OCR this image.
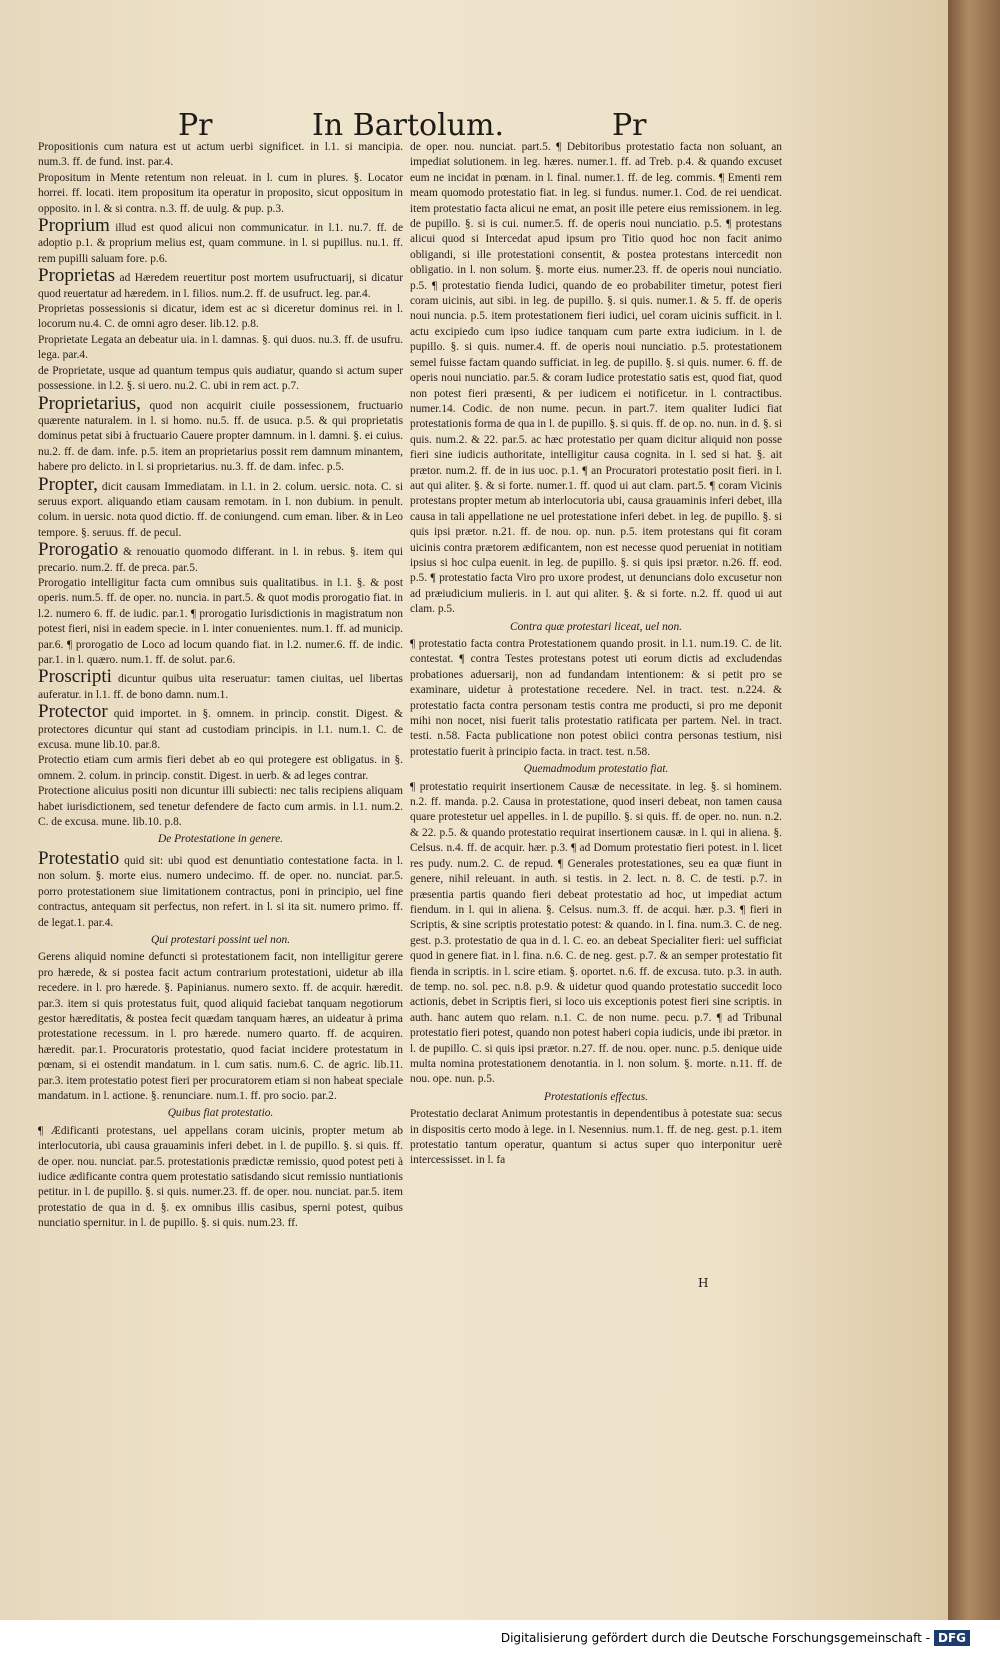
Pr	In Bartolum.	Pr

Propositionis cum natura est ut actum uerbi significet. in l.1. si mancipia. num.3. ff. de fund. inst. par.4.

Propositum in Mente retentum non releuat. in l. cum in plures. §. Locator horrei. ff. locati. item propositum ita operatur in proposito, sicut oppositum in opposito. in l. & si contra. n.3. ff. de uulg. & pup. p.3.

Proprium illud est quod alicui non communicatur. in l.1. nu.7. ff. de adoptio p.1. & proprium melius est, quam commune. in l. si pupillus. nu.1. ff. rem pupilli saluam fore. p.6.

Proprietas ad Hæredem reuertitur post mortem usufructuarij, si dicatur quod reuertatur ad hæredem. in l. filios. num.2. ff. de usufruct. leg. par.4.

Proprietas possessionis si dicatur, idem est ac si diceretur dominus rei. in l. locorum nu.4. C. de omni agro deser. lib.12. p.8.

Proprietate Legata an debeatur uia. in l. damnas. §. qui duos. nu.3. ff. de usufru. lega. par.4.

de Proprietate, usque ad quantum tempus quis audiatur, quando si actum super possessione. in l.2. §. si uero. nu.2. C. ubi in rem act. p.7.

Proprietarius, quod non acquirit ciuile possessionem, fructuario quærente naturalem. in l. si homo. nu.5. ff. de usuca. p.5. & qui proprietatis dominus petat sibi à fructuario Cauere propter damnum. in l. damni. §. ei cuius. nu.2. ff. de dam. infe. p.5. item an proprietarius possit rem damnum minantem, habere pro delicto. in l. si proprietarius. nu.3. ff. de dam. infec. p.5.

Propter, dicit causam Immediatam. in l.1. in 2. colum. uersic. nota. C. si seruus export. aliquando etiam causam remotam. in l. non dubium. in penult. colum. in uersic. nota quod dictio. ff. de coniungend. cum eman. liber. & in Leo tempore. §. seruus. ff. de pecul.

Prorogatio & renouatio quomodo differant. in l. in rebus. §. item qui precario. num.2. ff. de preca. par.5.

Prorogatio intelligitur facta cum omnibus suis qualitatibus. in l.1. §. & post operis. num.5. ff. de oper. no. nuncia. in part.5. & quot modis prorogatio fiat. in l.2. numero 6. ff. de iudic. par.1. ¶ prorogatio Iurisdictionis in magistratum non potest fieri, nisi in eadem specie. in l. inter conuenientes. num.1. ff. ad municip. par.6. ¶ prorogatio de Loco ad locum quando fiat. in l.2. numer.6. ff. de indic. par.1. in l. quæro. num.1. ff. de solut. par.6.

Proscripti dicuntur quibus uita reseruatur: tamen ciuitas, uel libertas auferatur. in l.1. ff. de bono damn. num.1.

Protector quid importet. in §. omnem. in princip. constit. Digest. & protectores dicuntur qui stant ad custodiam principis. in l.1. num.1. C. de excusa. mune lib.10. par.8.

Protectio etiam cum armis fieri debet ab eo qui protegere est obligatus. in §. omnem. 2. colum. in princip. constit. Digest. in uerb. & ad leges contrar.

Protectione alicuius positi non dicuntur illi subiecti: nec talis recipiens aliquam habet iurisdictionem, sed tenetur defendere de facto cum armis. in l.1. num.2. C. de excusa. mune. lib.10. p.8.

De Protestatione in genere.

Protestatio quid sit: ubi quod est denuntiatio contestatione facta. in l. non solum. §. morte eius. numero undecimo. ff. de oper. no. nunciat. par.5. porro protestationem siue limitationem contractus, poni in principio, uel fine contractus, antequam sit perfectus, non refert. in l. si ita sit. numero primo. ff. de legat.1. par.4.

Qui protestari possint uel non.

Gerens aliquid nomine defuncti si protestationem facit, non intelligitur gerere pro hærede, & si postea facit actum contrarium protestationi, uidetur ab illa recedere. in l. pro hærede. §. Papinianus. numero sexto. ff. de acquir. hæredit. par.3. item si quis protestatus fuit, quod aliquid faciebat tanquam negotiorum gestor hæreditatis, & postea fecit quædam tanquam hæres, an uideatur à prima protestatione recessum. in l. pro hærede. numero quarto. ff. de acquiren. hæredit. par.1. Procuratoris protestatio, quod faciat incidere protestatum in pœnam, si ei ostendit mandatum. in l. cum satis. num.6. C. de agric. lib.11. par.3. item protestatio potest fieri per procuratorem etiam si non habeat speciale mandatum. in l. actione. §. renunciare. num.1. ff. pro socio. par.2.

Quibus fiat protestatio.

¶ Ædificanti protestans, uel appellans coram uicinis, propter metum ab interlocutoria, ubi causa grauaminis inferi debet. in l. de pupillo. §. si quis. ff. de oper. nou. nunciat. par.5. protestationis prædictæ remissio, quod potest peti à iudice ædificante contra quem protestatio satisdando sicut remissio nuntiationis petitur. in l. de pupillo. §. si quis. numer.23. ff. de oper. nou. nunciat. par.5. item protestatio de qua in d. §. ex omnibus illis casibus, sperni potest, quibus nunciatio spernitur. in l. de pupillo. §. si quis. num.23. ff.

de oper. nou. nunciat. part.5. ¶ Debitoribus protestatio facta non soluant, an impediat solutionem. in leg. hæres. numer.1. ff. ad Treb. p.4. & quando excuset eum ne incidat in pœnam. in l. final. numer.1. ff. de leg. commis. ¶ Ementi rem meam quomodo protestatio fiat. in leg. si fundus. numer.1. Cod. de rei uendicat. item protestatio facta alicui ne emat, an posit ille petere eius remissionem. in leg. de pupillo. §. si is cui. numer.5. ff. de operis noui nunciatio. p.5. ¶ protestans alicui quod si Intercedat apud ipsum pro Titio quod hoc non facit animo obligandi, si ille protestationi consentit, & postea protestans intercedit non obligatio. in l. non solum. §. morte eius. numer.23. ff. de operis noui nunciatio. p.5. ¶ protestatio fienda Iudici, quando de eo probabiliter timetur, potest fieri coram uicinis, aut sibi. in leg. de pupillo. §. si quis. numer.1. & 5. ff. de operis noui nuncia. p.5. item protestationem fieri iudici, uel coram uicinis sufficit. in l. actu excipiedo cum ipso iudice tanquam cum parte extra iudicium. in l. de pupillo. §. si quis. numer.4. ff. de operis noui nunciatio. p.5. protestationem semel fuisse factam quando sufficiat. in leg. de pupillo. §. si quis. numer. 6. ff. de operis noui nunciatio. par.5. & coram Iudice protestatio satis est, quod fiat, quod non potest fieri præsenti, & per iudicem ei notificetur. in l. contractibus. numer.14. Codic. de non nume. pecun. in part.7. item qualiter Iudici fiat protestationis forma de qua in l. de pupillo. §. si quis. ff. de op. no. nun. in d. §. si quis. num.2. & 22. par.5. ac hæc protestatio per quam dicitur aliquid non posse fieri sine iudicis authoritate, intelligitur causa cognita. in l. sed si hat. §. ait prætor. num.2. ff. de in ius uoc. p.1. ¶ an Procuratori protestatio posit fieri. in l. aut qui aliter. §. & si forte. numer.1. ff. quod ui aut clam. part.5. ¶ coram Vicinis protestans propter metum ab interlocutoria ubi, causa grauaminis inferi debet, illa causa in tali appellatione ne uel protestatione inferi debet. in leg. de pupillo. §. si quis ipsi prætor. n.21. ff. de nou. op. nun. p.5. item protestans qui fit coram uicinis contra prætorem ædificantem, non est necesse quod perueniat in notitiam ipsius si hoc culpa euenit. in leg. de pupillo. §. si quis ipsi prætor. n.26. ff. eod. p.5. ¶ protestatio facta Viro pro uxore prodest, ut denuncians dolo excusetur non ad præiudicium mulieris. in l. aut qui aliter. §. & si forte. n.2. ff. quod ui aut clam. p.5.

Contra quæ protestari liceat, uel non.

¶ protestatio facta contra Protestationem quando prosit. in l.1. num.19. C. de lit. contestat. ¶ contra Testes protestans potest uti eorum dictis ad excludendas probationes aduersarij, non ad fundandam intentionem: & si petit pro se examinare, uidetur à protestatione recedere. Nel. in tract. test. n.224. & protestatio facta contra personam testis contra me producti, si pro me deponit mihi non nocet, nisi fuerit talis protestatio ratificata per partem. Nel. in tract. testi. n.58. Facta publicatione non potest obiici contra personas testium, nisi protestatio fuerit à principio facta. in tract. test. n.58.

Quemadmodum protestatio fiat.

¶ protestatio requirit insertionem Causæ de necessitate. in leg. §. si hominem. n.2. ff. manda. p.2. Causa in protestatione, quod inseri debeat, non tamen causa quare protestetur uel appelles. in l. de pupillo. §. si quis. ff. de oper. no. nun. n.2. & 22. p.5. & quando protestatio requirat insertionem causæ. in l. qui in aliena. §. Celsus. n.4. ff. de acquir. hær. p.3. ¶ ad Domum protestatio fieri potest. in l. licet res pudy. num.2. C. de repud. ¶ Generales protestationes, seu ea quæ fiunt in genere, nihil releuant. in auth. si testis. in 2. lect. n. 8. C. de testi. p.7. in præsentia partis quando fieri debeat protestatio ad hoc, ut impediat actum fiendum. in l. qui in aliena. §. Celsus. num.3. ff. de acqui. hær. p.3. ¶ fieri in Scriptis, & sine scriptis protestatio potest: & quando. in l. fina. num.3. C. de neg. gest. p.3. protestatio de qua in d. l. C. eo. an debeat Specialiter fieri: uel sufficiat quod in genere fiat. in l. fina. n.6. C. de neg. gest. p.7. & an semper protestatio fit fienda in scriptis. in l. scire etiam. §. oportet. n.6. ff. de excusa. tuto. p.3. in auth. de temp. no. sol. pec. n.8. p.9. & uidetur quod quando protestatio succedit loco actionis, debet in Scriptis fieri, si loco uis exceptionis potest fieri sine scriptis. in auth. hanc autem quo relam. n.1. C. de non nume. pecu. p.7. ¶ ad Tribunal protestatio fieri potest, quando non potest haberi copia iudicis, unde ibi prætor. in l. de pupillo. C. si quis ipsi prætor. n.27. ff. de nou. oper. nunc. p.5. denique uide multa nomina protestationem denotantia. in l. non solum. §. morte. n.11. ff. de nou. ope. nun. p.5.

Protestationis effectus.

Protestatio declarat Animum protestantis in dependentibus à potestate sua: secus in dispositis certo modo à lege. in l. Nesennius. num.1. ff. de neg. gest. p.1. item protestatio tantum operatur, quantum si actus super quo interponitur uerè intercessisset. in l. fa

H
Digitalisierung gefördert durch die Deutsche Forschungsgemeinschaft - DFG
